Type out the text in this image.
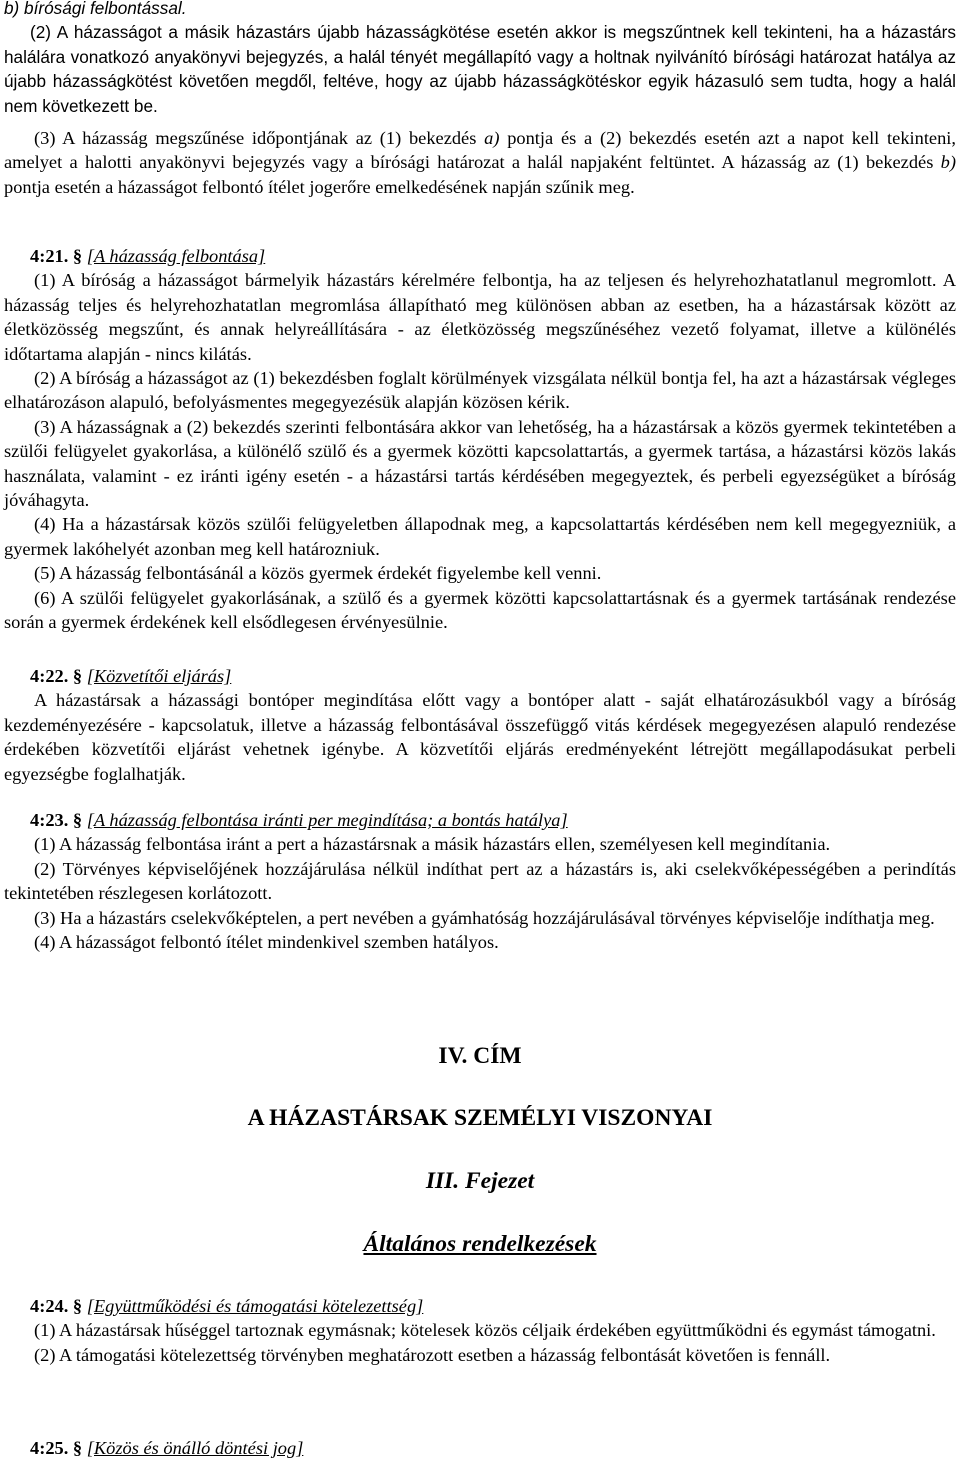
b) bírósági felbontással.

(2) A házasságot a másik házastárs újabb házasságkötése esetén akkor is megszűntnek kell tekinteni, ha a házastárs halálára vonatkozó anyakönyvi bejegyzés, a halál tényét megállapító vagy a holtnak nyilvánító bírósági határozat hatálya az újabb házasságkötést követően megdől, feltéve, hogy az újabb házasságkötéskor egyik házasuló sem tudta, hogy a halál nem következett be.

(3) A házasság megszűnése időpontjának az (1) bekezdés a) pontja és a (2) bekezdés esetén azt a napot kell tekinteni, amelyet a halotti anyakönyvi bejegyzés vagy a bírósági határozat a halál napjaként feltüntet. A házasság az (1) bekezdés b) pontja esetén a házasságot felbontó ítélet jogerőre emelkedésének napján szűnik meg.

4:21. § [A házasság felbontása]

(1) A bíróság a házasságot bármelyik házastárs kérelmére felbontja, ha az teljesen és helyrehozhatatlanul megromlott. A házasság teljes és helyrehozhatatlan megromlása állapítható meg különösen abban az esetben, ha a házastársak között az életközösség megszűnt, és annak helyreállítására - az életközösség megszűnéséhez vezető folyamat, illetve a különélés időtartama alapján - nincs kilátás.

(2) A bíróság a házasságot az (1) bekezdésben foglalt körülmények vizsgálata nélkül bontja fel, ha azt a házastársak végleges elhatározáson alapuló, befolyásmentes megegyezésük alapján közösen kérik.

(3) A házasságnak a (2) bekezdés szerinti felbontására akkor van lehetőség, ha a házastársak a közös gyermek tekintetében a szülői felügyelet gyakorlása, a különélő szülő és a gyermek közötti kapcsolattartás, a gyermek tartása, a házastársi közös lakás használata, valamint - ez iránti igény esetén - a házastársi tartás kérdésében megegyeztek, és perbeli egyezségüket a bíróság jóváhagyta.

(4) Ha a házastársak közös szülői felügyeletben állapodnak meg, a kapcsolattartás kérdésében nem kell megegyezniük, a gyermek lakóhelyét azonban meg kell határozniuk.

(5) A házasság felbontásánál a közös gyermek érdekét figyelembe kell venni.

(6) A szülői felügyelet gyakorlásának, a szülő és a gyermek közötti kapcsolattartásnak és a gyermek tartásának rendezése során a gyermek érdekének kell elsődlegesen érvényesülnie.

4:22. § [Közvetítői eljárás]

A házastársak a házassági bontóper megindítása előtt vagy a bontóper alatt - saját elhatározásukból vagy a bíróság kezdeményezésére - kapcsolatuk, illetve a házasság felbontásával összefüggő vitás kérdések megegyezésen alapuló rendezése érdekében közvetítői eljárást vehetnek igénybe. A közvetítői eljárás eredményeként létrejött megállapodásukat perbeli egyezségbe foglalhatják.

4:23. § [A házasság felbontása iránti per megindítása; a bontás hatálya]

(1) A házasság felbontása iránt a pert a házastársnak a másik házastárs ellen, személyesen kell megindítania.

(2) Törvényes képviselőjének hozzájárulása nélkül indíthat pert az a házastárs is, aki cselekvőképességében a perindítás tekintetében részlegesen korlátozott.

(3) Ha a házastárs cselekvőképtelen, a pert nevében a gyámhatóság hozzájárulásával törvényes képviselője indíthatja meg.

(4) A házasságot felbontó ítélet mindenkivel szemben hatályos.

IV. CÍM
A HÁZASTÁRSAK SZEMÉLYI VISZONYAI
III. Fejezet
Általános rendelkezések

4:24. § [Együttműködési és támogatási kötelezettség]

(1) A házastársak hűséggel tartoznak egymásnak; kötelesek közös céljaik érdekében együttműködni és egymást támogatni.

(2) A támogatási kötelezettség törvényben meghatározott esetben a házasság felbontását követően is fennáll.

4:25. § [Közös és önálló döntési jog]
